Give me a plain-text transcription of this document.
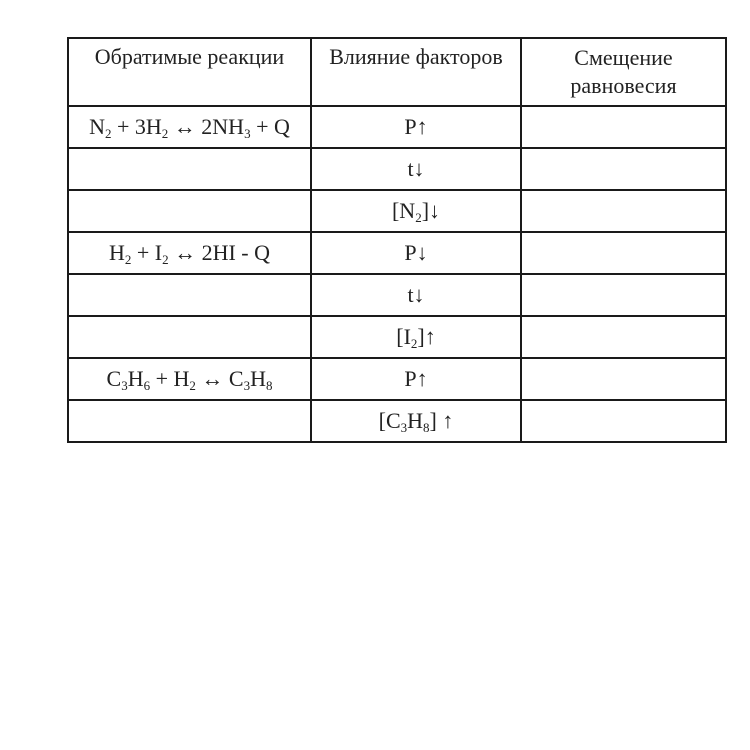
Обратимые реакции	Влияние факторов	Смещение равновесия
$N_2 + 3H_2$ ↔ $2NH_3 + Q$	P↑	
	t↓	
	$[N_2]↓$	
$H_2 + I_2$ ↔ 2HI - Q	P↓	
	t↓	
	$[I_2]↑$	
$C_3H_6 + H_2$ ↔ $C_3H_8$	P↑	
	$[C_3H_8]$ ↑	
